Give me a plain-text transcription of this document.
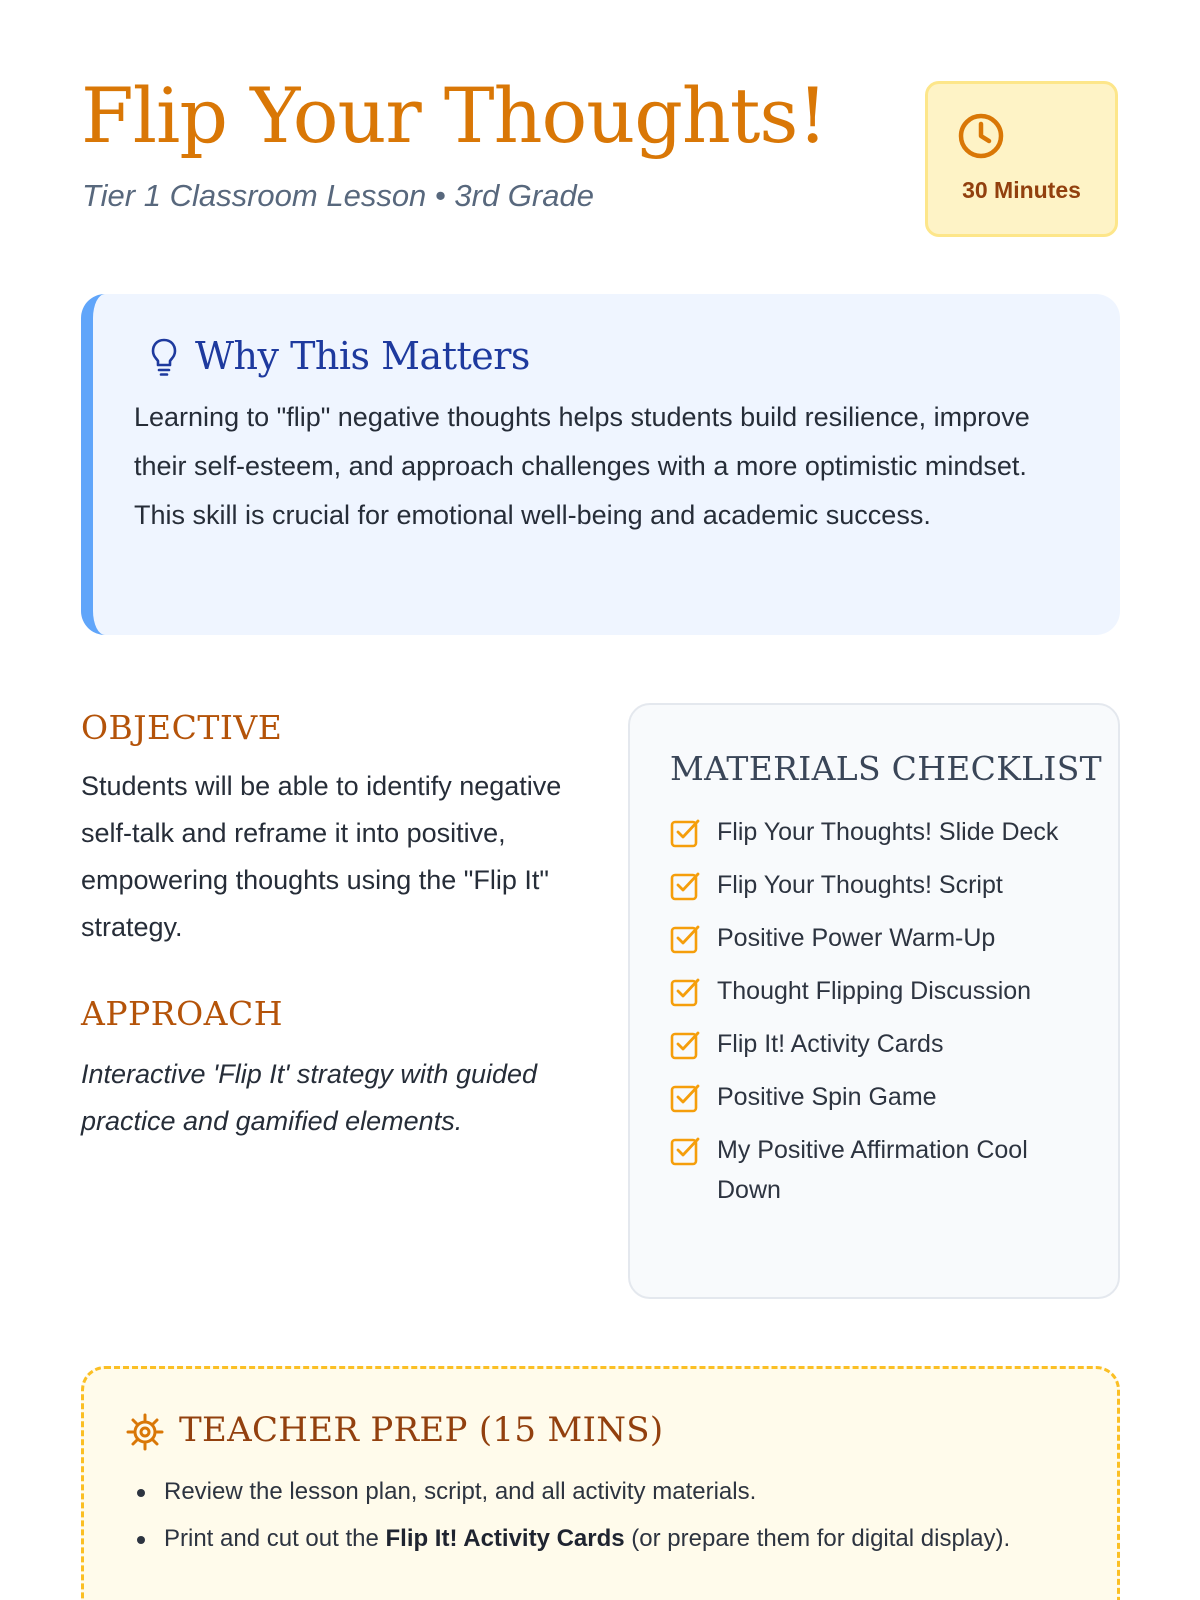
Flip Your Thoughts!
Tier 1 Classroom Lesson • 3rd Grade	30 Minutes
Why This Matters
Learning to "flip" negative thoughts helps students build resilience, improve their self-esteem, and approach challenges with a more optimistic mindset. This skill is crucial for emotional well-being and academic success.
OBJECTIVE
Students will be able to identify negative self-talk and reframe it into positive, empowering thoughts using the "Flip It" strategy.
APPROACH
Interactive 'Flip It' strategy with guided practice and gamified elements.
MATERIALS CHECKLIST
Flip Your Thoughts! Slide Deck
Flip Your Thoughts! Script
Positive Power Warm-Up
Thought Flipping Discussion
Flip It! Activity Cards
Positive Spin Game
My Positive Affirmation Cool Down
TEACHER PREP (15 MINS)
Review the lesson plan, script, and all activity materials.
Print and cut out the Flip It! Activity Cards (or prepare them for digital display).
